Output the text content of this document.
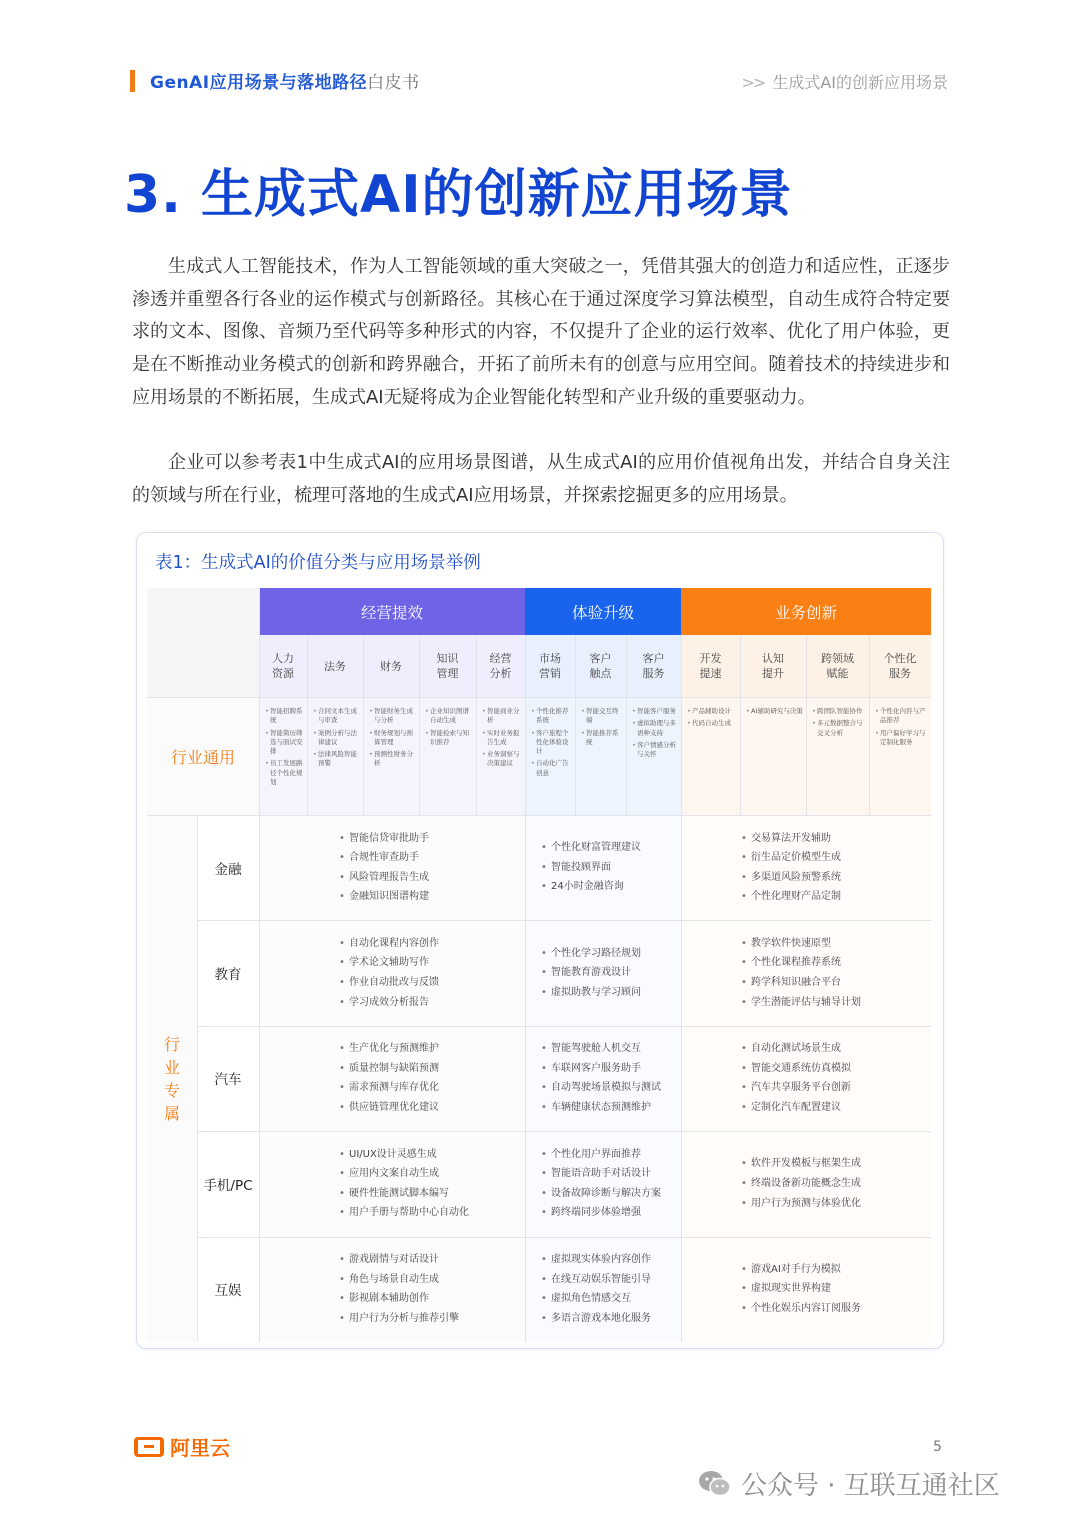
GenAI应用场景与落地路径白皮书	>> 生成式AI的创新应用场景
3. 生成式AI的创新应用场景

生成式人工智能技术，作为人工智能领域的重大突破之一，凭借其强大的创造力和适应性，正逐步渗透并重塑各行各业的运作模式与创新路径。其核心在于通过深度学习算法模型，自动生成符合特定要求的文本、图像、音频乃至代码等多种形式的内容，不仅提升了企业的运行效率、优化了用户体验，更是在不断推动业务模式的创新和跨界融合，开拓了前所未有的创意与应用空间。随着技术的持续进步和应用场景的不断拓展，生成式AI无疑将成为企业智能化转型和产业升级的重要驱动力。

企业可以参考表1中生成式AI的应用场景图谱，从生成式AI的应用价值视角出发，并结合自身关注的领域与所在行业，梳理可落地的生成式AI应用场景，并探索挖掘更多的应用场景。

表1：生成式AI的价值分类与应用场景举例
经营提效	体验升级	业务创新
人力
资源
法务	财务
知识
管理
经营
分析
市场
营销
客户
触点
客户
服务
开发
提速
认知
提升
跨领域
赋能
个性化
服务
行业通用
• 智能招聘系统
• 智能简历筛选与面试安排
• 员工发展路径个性化规划
• 合同文本生成与审查
• 案例分析与法律建议
• 法律风险智能预警
• 智能财务生成与分析
• 财务规划与预算管理
• 预测性财务分析
• 企业知识图谱自动生成
• 智能检索与知识推荐
• 智能商业分析
• 实时业务报告生成
• 业务洞察与决策建议
• 个性化推荐系统
• 客户旅程个性化体验设计
• 自动化广告创意
• 智能交互终端
• 智能推荐系统
• 智能客户服务
• 虚拟助理与多语种支持
• 客户情感分析与关怀
• 产品辅助设计
• 代码自动生成
• AI辅助研究与决策
•	跨团队智能协作
• 多元数据整合与交叉分析
• 个性化内容与产品推荐
• 用户偏好学习与定制化服务
行
业
专
属
金融
• 智能信贷审批助手
• 合规性审查助手
• 风险管理报告生成
• 金融知识图谱构建
• 个性化财富管理建议
• 智能投顾界面
• 24小时金融咨询
• 交易算法开发辅助
• 衍生品定价模型生成
• 多渠道风险预警系统
• 个性化理财产品定制
教育
• 自动化课程内容创作
• 学术论文辅助写作
• 作业自动批改与反馈
• 学习成效分析报告
• 个性化学习路径规划
• 智能教育游戏设计
• 虚拟助教与学习顾问
• 教学软件快速原型
• 个性化课程推荐系统
• 跨学科知识融合平台
• 学生潜能评估与辅导计划
汽车
• 生产优化与预测维护
• 质量控制与缺陷预测
• 需求预测与库存优化
• 供应链管理优化建议
• 智能驾驶舱人机交互
• 车联网客户服务助手
• 自动驾驶场景模拟与测试
• 车辆健康状态预测维护
• 自动化测试场景生成
• 智能交通系统仿真模拟
• 汽车共享服务平台创新
• 定制化汽车配置建议
手机/PC
• UI/UX设计灵感生成
• 应用内文案自动生成
• 硬件性能测试脚本编写
• 用户手册与帮助中心自动化
• 个性化用户界面推荐
• 智能语音助手对话设计
• 设备故障诊断与解决方案
• 跨终端同步体验增强
• 软件开发模板与框架生成
• 终端设备新功能概念生成
• 用户行为预测与体验优化
互娱
• 游戏剧情与对话设计
• 角色与场景自动生成
• 影视剧本辅助创作
• 用户行为分析与推荐引擎
• 虚拟现实体验内容创作
• 在线互动娱乐智能引导
• 虚拟角色情感交互
• 多语言游戏本地化服务
• 游戏AI对手行为模拟
• 虚拟现实世界构建
• 个性化娱乐内容订阅服务
阿里云	5
公众号 · 互联互通社区
